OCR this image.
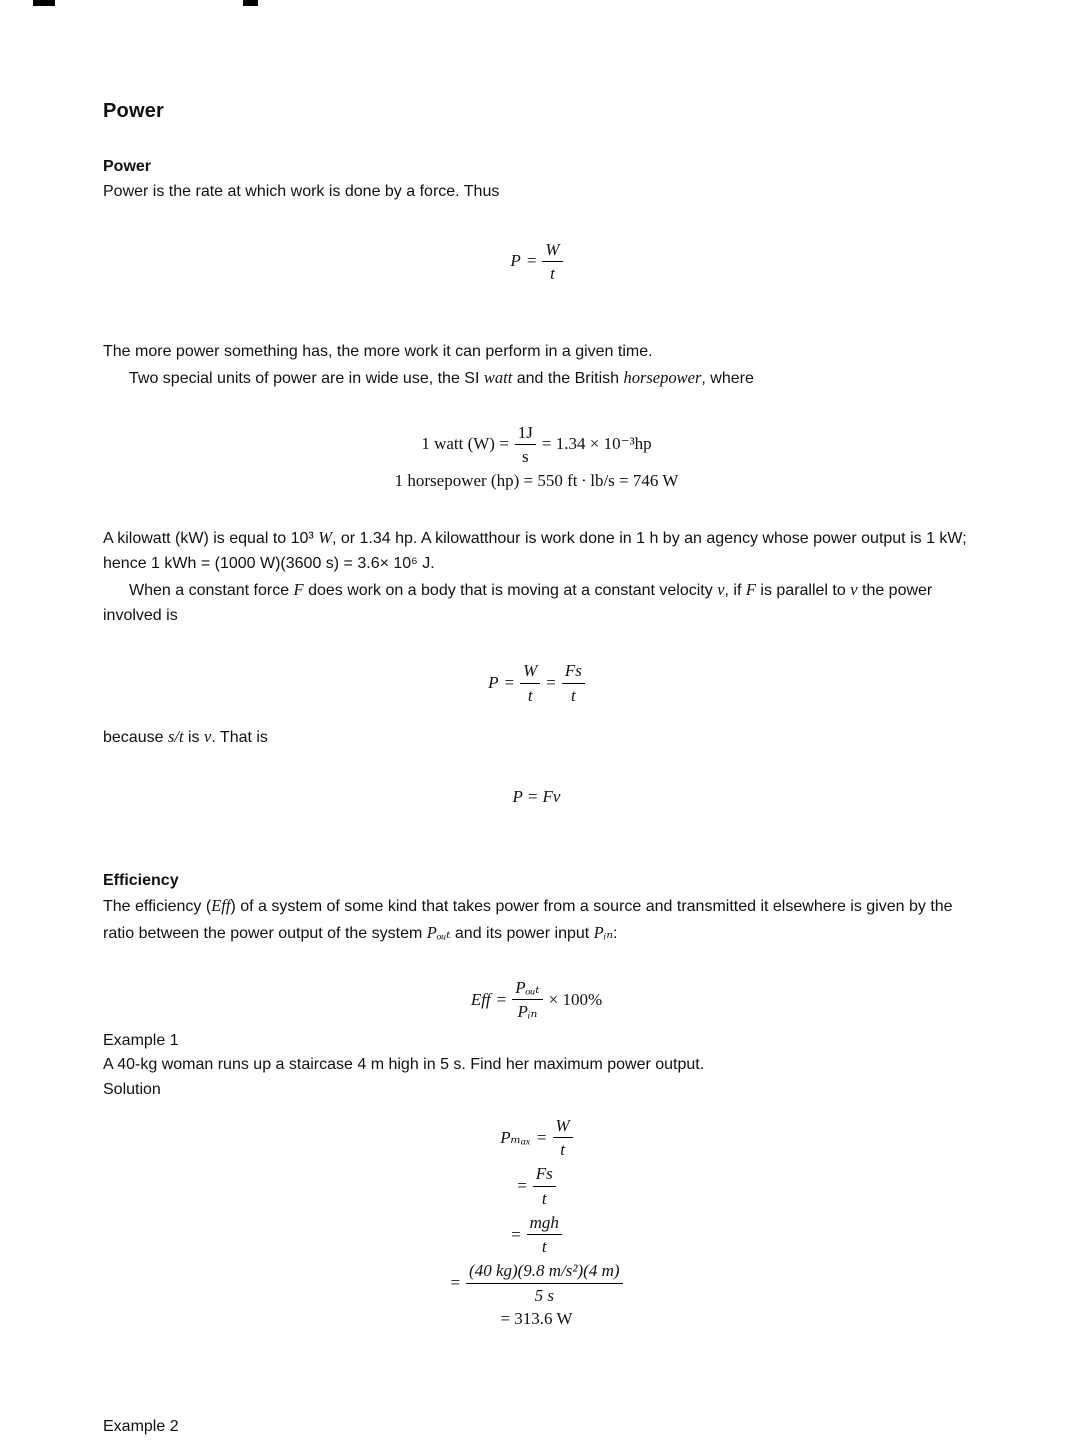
Power
Power

Power is the rate at which work is done by a force. Thus

$P = \frac{W}{t}$

The more power something has, the more work it can perform in a given time.

Two special units of power are in wide use, the SI watt and the British horsepower, where

1 watt $(W) = \frac{1J}{s} = 1.34 \times 10^{-3}hp$
1 horsepower (hp) = 550 ft ∙ lb/s = 746 W

A kilowatt (kW) is equal to 10³ W, or 1.34 hp. A kilowatthour is work done in 1 h by an agency whose power output is 1 kW; hence 1 kWh = (1000 W)(3600 s) = 3.6× 10⁶ J.

When a constant force F does work on a body that is moving at a constant velocity v, if F is parallel to v the power involved is

$P = \frac{W}{t} = \frac{Fs}{t}$

because s/t is v. That is

P = Fv
Efficiency

The efficiency (Eff) of a system of some kind that takes power from a source and transmitted it elsewhere is given by the ratio between the power output of the system Pₒᵤₜ and its power input Pᵢₙ:

Eff = $\frac{\text{Pₒᵤₜ}}{\text{Pᵢₙ}} \times 100\%$

Example 1

A 40-kg woman runs up a staircase 4 m high in 5 s. Find her maximum power output.

Solution

$P_{max} = \frac{W}{t}$
= $\frac{Fs}{t}$
= $\frac{\text{mgh}}{t}$
= $\frac{\text{(40 kg)(9.8 m/s²)(4 m)}}{5 s}$
= 313.6 W

Example 2
